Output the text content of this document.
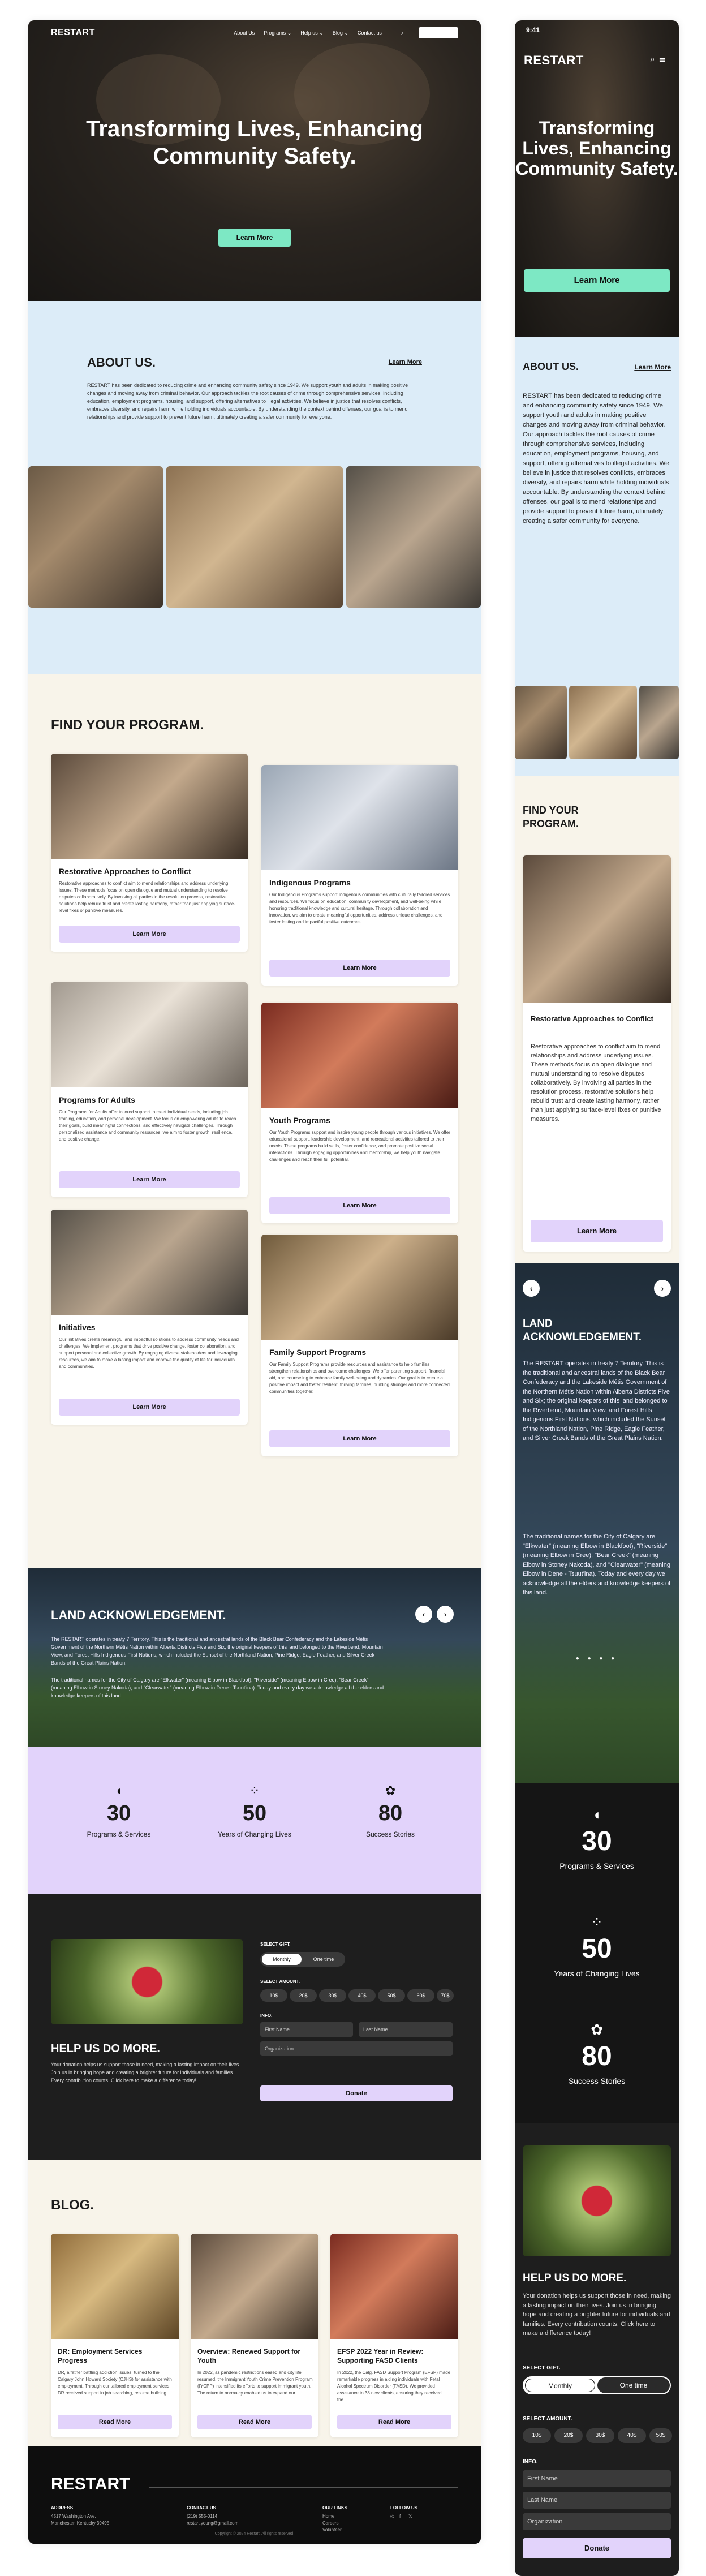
Transforming Lives, Enhancing Community Safety.
Learn More
RESTART	About Us Programs ⌄ Help us ⌄ Blog ⌄ Contact us	⌕	Donate Now
ABOUT US.	Learn More

RESTART has been dedicated to reducing crime and enhancing community safety since 1949. We support youth and adults in making positive changes and moving away from criminal behavior. Our approach tackles the root causes of crime through comprehensive services, including education, employment programs, housing, and support, offering alternatives to illegal activities. We believe in justice that resolves conflicts, embraces diversity, and repairs harm while holding individuals accountable. By understanding the context behind offenses, our goal is to mend relationships and provide support to prevent future harm, ultimately creating a safer community for everyone.

FIND YOUR PROGRAM.
Restorative Approaches to Conflict

Restorative approaches to conflict aim to mend relationships and address underlying issues. These methods focus on open dialogue and mutual understanding to resolve disputes collaboratively. By involving all parties in the resolution process, restorative solutions help rebuild trust and create lasting harmony, rather than just applying surface-level fixes or punitive measures.

Learn More
Indigenous Programs

Our Indigenous Programs support Indigenous communities with culturally tailored services and resources. We focus on education, community development, and well-being while honoring traditional knowledge and cultural heritage. Through collaboration and innovation, we aim to create meaningful opportunities, address unique challenges, and foster lasting and impactful positive outcomes.

Learn More
Programs for Adults

Our Programs for Adults offer tailored support to meet individual needs, including job training, education, and personal development. We focus on empowering adults to reach their goals, build meaningful connections, and effectively navigate challenges. Through personalized assistance and community resources, we aim to foster growth, resilience, and positive change.

Learn More
Youth Programs

Our Youth Programs support and inspire young people through various initiatives. We offer educational support, leadership development, and recreational activities tailored to their needs. These programs build skills, foster confidence, and promote positive social interactions. Through engaging opportunities and mentorship, we help youth navigate challenges and reach their full potential.

Learn More
Initiatives

Our initiatives create meaningful and impactful solutions to address community needs and challenges. We implement programs that drive positive change, foster collaboration, and support personal and collective growth. By engaging diverse stakeholders and leveraging resources, we aim to make a lasting impact and improve the quality of life for individuals and communities.

Learn More
Family Support Programs

Our Family Support Programs provide resources and assistance to help families strengthen relationships and overcome challenges. We offer parenting support, financial aid, and counseling to enhance family well-being and dynamics. Our goal is to create a positive impact and foster resilient, thriving families, building stronger and more connected communities together.

Learn More
LAND ACKNOWLEDGEMENT.	‹	›

The RESTART operates in treaty 7 Territory. This is the traditional and ancestral lands of the Black Bear Confederacy and the Lakeside Métis Government of the Northern Métis Nation within Alberta Districts Five and Six; the original keepers of this land belonged to the Riverbend, Mountain View, and Forest Hills Indigenous First Nations, which included the Sunset of the Northland Nation, Pine Ridge, Eagle Feather, and Silver Creek Bands of the Great Plains Nation.

The traditional names for the City of Calgary are "Elkwater" (meaning Elbow in Blackfoot), "Riverside" (meaning Elbow in Cree), "Bear Creek" (meaning Elbow in Stoney Nakoda), and "Clearwater" (meaning Elbow in Dene - Tsuut'ina). Today and every day we acknowledge all the elders and knowledge keepers of this land.

◖
30
Programs & Services
⁘
50
Years of Changing Lives
✿
80
Success Stories
HELP US DO MORE.

Your donation helps us support those in need, making a lasting impact on their lives. Join us in bringing hope and creating a brighter future for individuals and families. Every contribution counts. Click here to make a difference today!

SELECT GIFT.
Monthly	One time
SELECT AMOUNT.
10$	20$	30$	40$	50$	60$	70$
INFO.
First Name	Last Name
Organization
Donate
BLOG.
DR: Employment Services Progress

DR, a father battling addiction issues, turned to the Calgary John Howard Society (CJHS) for assistance with employment. Through our tailored employment services, DR received support in job searching, resume building...

Read More
Overview: Renewed Support for Youth

In 2022, as pandemic restrictions eased and city life resumed, the Immigrant Youth Crime Prevention Program (IYCPP) intensified its efforts to support immigrant youth. The return to normalcy enabled us to expand our...

Read More
EFSP 2022 Year in Review: Supporting FASD Clients

In 2022, the Calg. FASD Support Program (EFSP) made remarkable progress in aiding individuals with Fetal Alcohol Spectrum Disorder (FASD). We provided assistance to 38 new clients, ensuring they received the...

Read More
RESTART
ADDRESS
4517 Washington Ave. Manchester, Kentucky 39495
CONTACT US
(219) 555-0114
restart.young@gmail.com
OUR LINKS
Home
Careers
Volunteer
FOLLOW US
◎ f 𝕏
Copyright © 2024 Restart. All rights reserved.
9:41
RESTART	⌕☰
Transforming Lives, Enhancing Community Safety.
Learn More
ABOUT US.	Learn More

RESTART has been dedicated to reducing crime and enhancing community safety since 1949. We support youth and adults in making positive changes and moving away from criminal behavior. Our approach tackles the root causes of crime through comprehensive services, including education, employment programs, housing, and support, offering alternatives to illegal activities. We believe in justice that resolves conflicts, embraces diversity, and repairs harm while holding individuals accountable. By understanding the context behind offenses, our goal is to mend relationships and provide support to prevent future harm, ultimately creating a safer community for everyone.

FIND YOUR PROGRAM.
Restorative Approaches to Conflict

Restorative approaches to conflict aim to mend relationships and address underlying issues. These methods focus on open dialogue and mutual understanding to resolve disputes collaboratively. By involving all parties in the resolution process, restorative solutions help rebuild trust and create lasting harmony, rather than just applying surface-level fixes or punitive measures.

Learn More
‹	›
LAND ACKNOWLEDGEMENT.

The RESTART operates in treaty 7 Territory. This is the traditional and ancestral lands of the Black Bear Confederacy and the Lakeside Métis Government of the Northern Métis Nation within Alberta Districts Five and Six; the original keepers of this land belonged to the Riverbend, Mountain View, and Forest Hills Indigenous First Nations, which included the Sunset of the Northland Nation, Pine Ridge, Eagle Feather, and Silver Creek Bands of the Great Plains Nation.

The traditional names for the City of Calgary are "Elkwater" (meaning Elbow in Blackfoot), "Riverside" (meaning Elbow in Cree), "Bear Creek" (meaning Elbow in Stoney Nakoda), and "Clearwater" (meaning Elbow in Dene - Tsuut'ina). Today and every day we acknowledge all the elders and knowledge keepers of this land.

● ● ● ●
◖
30
Programs & Services
⁘
50
Years of Changing Lives
✿
80
Success Stories
HELP US DO MORE.

Your donation helps us support those in need, making a lasting impact on their lives. Join us in bringing hope and creating a brighter future for individuals and families. Every contribution counts. Click here to make a difference today!

SELECT GIFT.
Monthly	One time
SELECT AMOUNT.
10$	20$	30$	40$	50$
INFO.
First Name
Last Name
Organization
Donate
